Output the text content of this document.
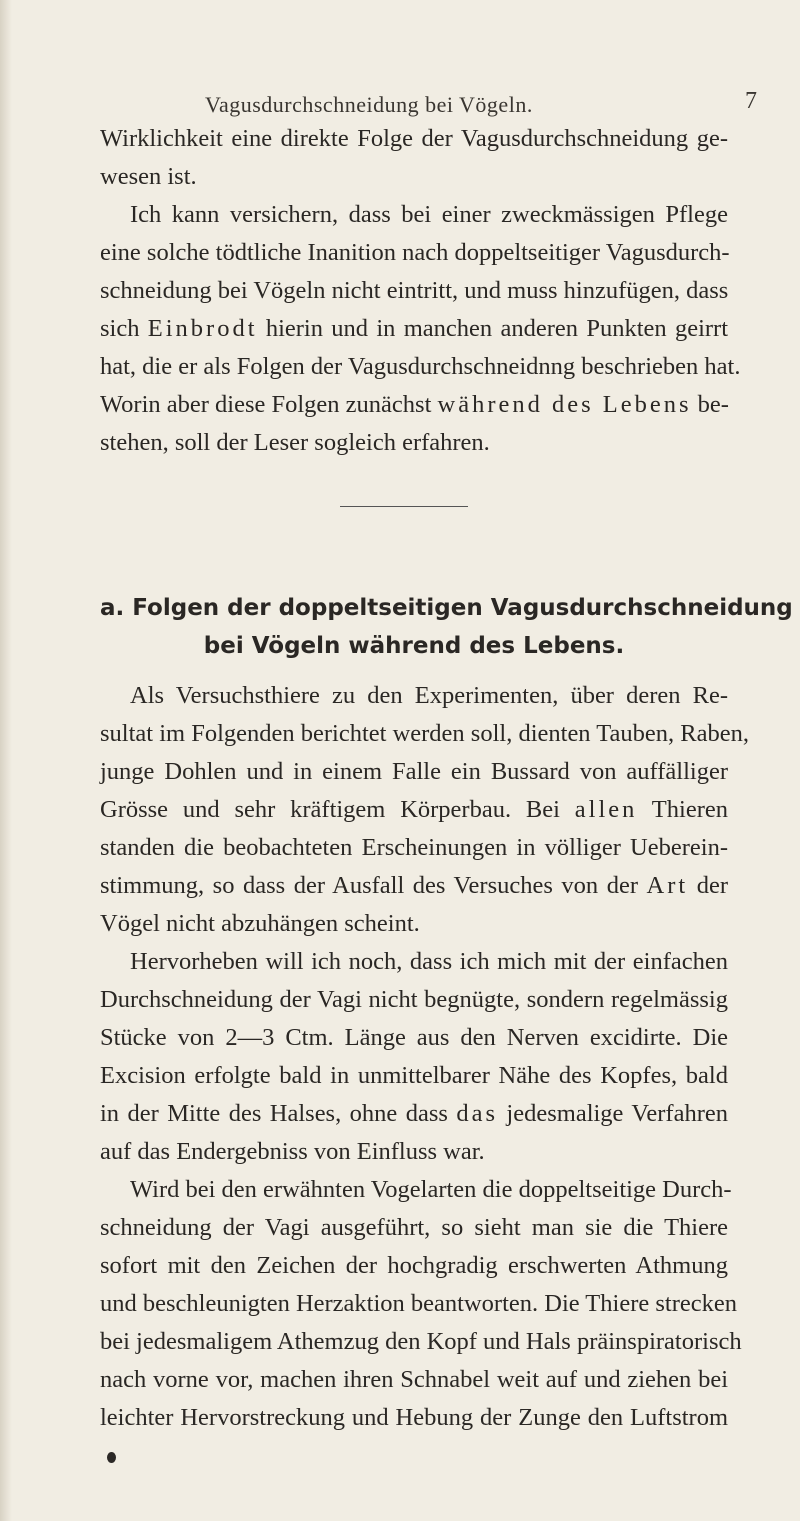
Vagusdurchschneidung bei Vögeln.	7
Wirklichkeit eine direkte Folge der Vagusdurchschneidung ge-
wesen ist.
Ich kann versichern, dass bei einer zweckmässigen Pflege
eine solche tödtliche Inanition nach doppeltseitiger Vagusdurch-
schneidung bei Vögeln nicht eintritt, und muss hinzufügen, dass
sich Einbrodt hierin und in manchen anderen Punkten geirrt
hat, die er als Folgen der Vagusdurchschneidnng beschrieben hat.
Worin aber diese Folgen zunächst während des Lebens be-
stehen, soll der Leser sogleich erfahren.
a. Folgen der doppeltseitigen Vagusdurchschneidung
bei Vögeln während des Lebens.
Als Versuchsthiere zu den Experimenten, über deren Re-
sultat im Folgenden berichtet werden soll, dienten Tauben, Raben,
junge Dohlen und in einem Falle ein Bussard von auffälliger
Grösse und sehr kräftigem Körperbau. Bei allen Thieren
standen die beobachteten Erscheinungen in völliger Ueberein-
stimmung, so dass der Ausfall des Versuches von der Art der
Vögel nicht abzuhängen scheint.
Hervorheben will ich noch, dass ich mich mit der einfachen
Durchschneidung der Vagi nicht begnügte, sondern regelmässig
Stücke von 2—3 Ctm. Länge aus den Nerven excidirte. Die
Excision erfolgte bald in unmittelbarer Nähe des Kopfes, bald
in der Mitte des Halses, ohne dass das jedesmalige Verfahren
auf das Endergebniss von Einfluss war.
Wird bei den erwähnten Vogelarten die doppeltseitige Durch-
schneidung der Vagi ausgeführt, so sieht man sie die Thiere
sofort mit den Zeichen der hochgradig erschwerten Athmung
und beschleunigten Herzaktion beantworten. Die Thiere strecken
bei jedesmaligem Athemzug den Kopf und Hals präinspiratorisch
nach vorne vor, machen ihren Schnabel weit auf und ziehen bei
leichter Hervorstreckung und Hebung der Zunge den Luftstrom
